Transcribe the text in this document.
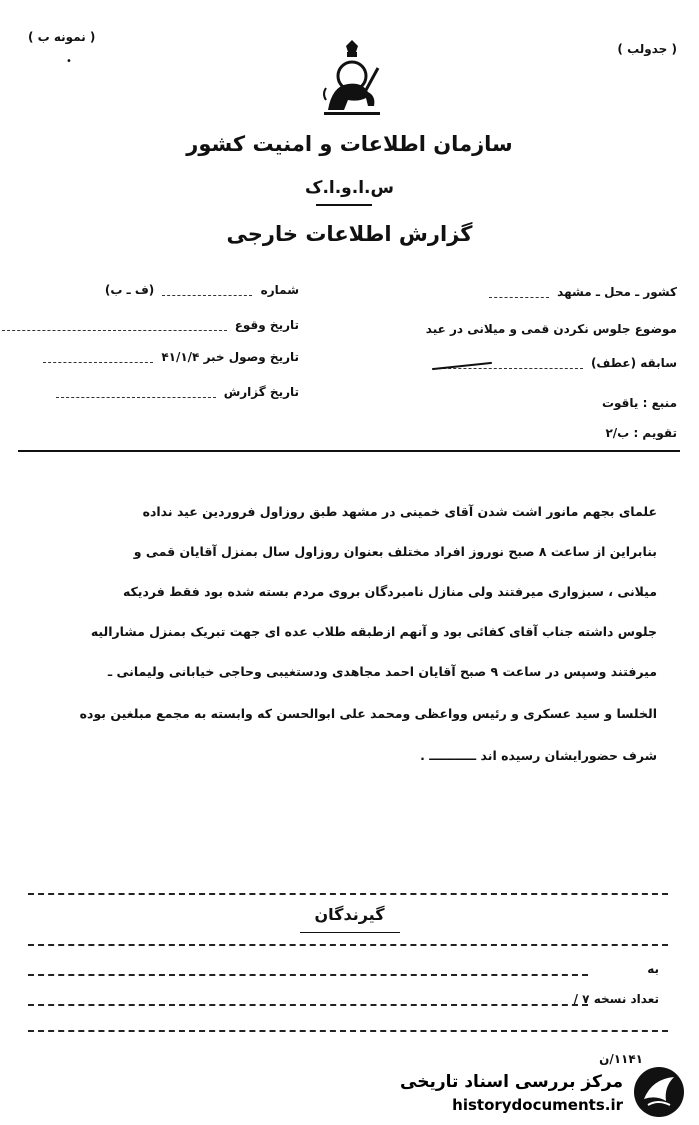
( نمونه ب )
( جدولب )
•
سازمان اطلاعات و امنیت کشور
س.ا.و.ا.ک
گزارش اطلاعات خارجی
شماره  (ف ـ ب)
تاریخ وقوع
تاریخ وصول خبر ۴۱/۱/۴
تاریخ گزارش
کشور ـ محل ـ مشهد
موضوع جلوس نکردن قمی و میلانی در عید
سابقه (عطف)
منبع : یاقوت
تقویم : ب/۲
علمای بجهم مانور اشت شدن آقای خمینی در مشهد طبق روزاول فروردین عید نداده
بنابراین از ساعت ۸ صبح نوروز افراد مختلف بعنوان روزاول سال بمنزل آقایان قمی و
میلانی ، سبزواری میرفتند ولی منازل نامبردگان بروی مردم بسته شده بود فقط فردیکه
جلوس داشته جناب آقای کفائی بود و آنهم ازطبقه طلاب عده ای جهت تبریک بمنزل مشارالیه
میرفتند وسپس در ساعت ۹ صبح آقایان احمد مجاهدی ودستغیبی وحاجی خیابانی ولیمانی ـ
الخلسا و سید عسکری و رئیس وواعظی ومحمد علی ابوالحسن که وابسته به مجمع مبلغین بوده
شرف حضورایشان رسیده اند ـــــــــــ .
گیرندگان
به
تعداد نسخه ۷ /
۱۱۴۱/ن
مرکز بررسی اسناد تاریخی
historydocuments.ir
